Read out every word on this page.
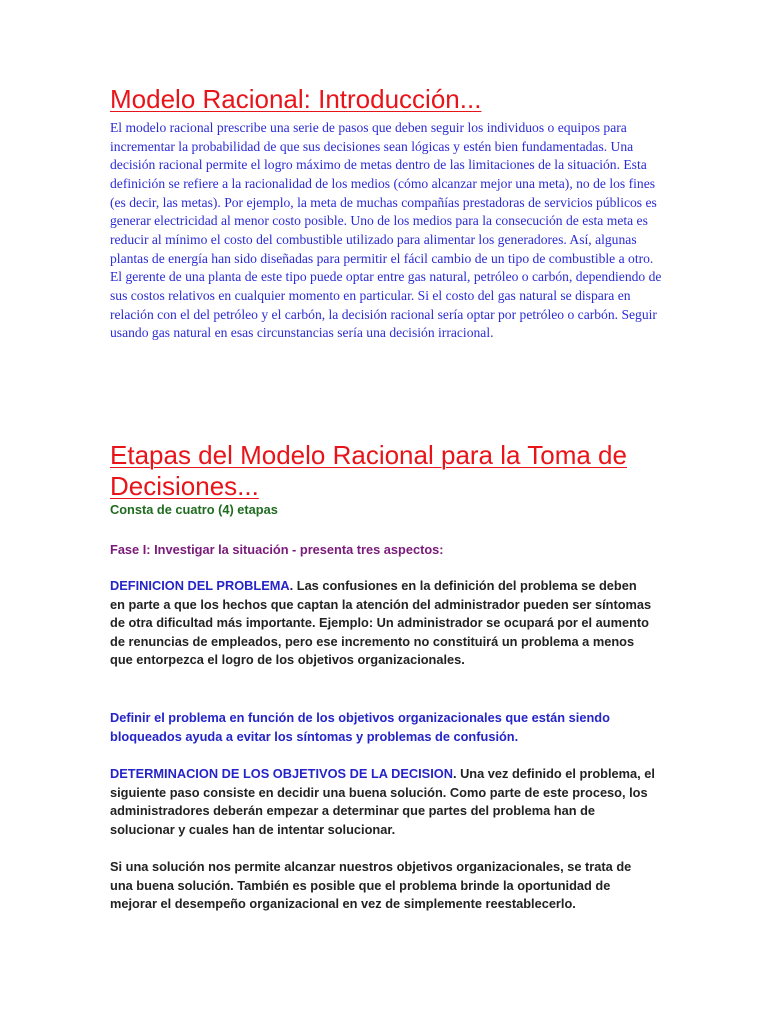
Modelo Racional: Introducción...

El modelo racional prescribe una serie de pasos que deben seguir los individuos o equipos para incrementar la probabilidad de que sus decisiones sean lógicas y estén bien fundamentadas. Una decisión racional permite el logro máximo de metas dentro de las limitaciones de la situación. Esta definición se refiere a la racionalidad de los medios (cómo alcanzar mejor una meta), no de los fines (es decir, las metas). Por ejemplo, la meta de muchas compañías prestadoras de servicios públicos es generar electricidad al menor costo posible. Uno de los medios para la consecución de esta meta es reducir al mínimo el costo del combustible utilizado para alimentar los generadores. Así, algunas plantas de energía han sido diseñadas para permitir el fácil cambio de un tipo de combustible a otro. El gerente de una planta de este tipo puede optar entre gas natural, petróleo o carbón, dependiendo de sus costos relativos en cualquier momento en particular. Si el costo del gas natural se dispara en relación con el del petróleo y el carbón, la decisión racional sería optar por petróleo o carbón. Seguir usando gas natural en esas circunstancias sería una decisión irracional.

Etapas del Modelo Racional para la Toma de Decisiones...

Consta de cuatro (4) etapas

Fase I: Investigar la situación - presenta tres aspectos:

DEFINICION DEL PROBLEMA. Las confusiones en la definición del problema se deben en parte a que los hechos que captan la atención del administrador pueden ser síntomas de otra dificultad más importante. Ejemplo: Un administrador se ocupará por el aumento de renuncias de empleados, pero ese incremento no constituirá un problema a menos que entorpezca el logro de los objetivos organizacionales.

Definir el problema en función de los objetivos organizacionales que están siendo bloqueados ayuda a evitar los síntomas y problemas de confusión.

DETERMINACION DE LOS OBJETIVOS DE LA DECISION. Una vez definido el problema, el siguiente paso consiste en decidir una buena solución. Como parte de este proceso, los administradores deberán empezar a determinar que partes del problema han de solucionar y cuales han de intentar solucionar.

Si una solución nos permite alcanzar nuestros objetivos organizacionales, se trata de una buena solución. También es posible que el problema brinde la oportunidad de mejorar el desempeño organizacional en vez de simplemente reestablecerlo.
